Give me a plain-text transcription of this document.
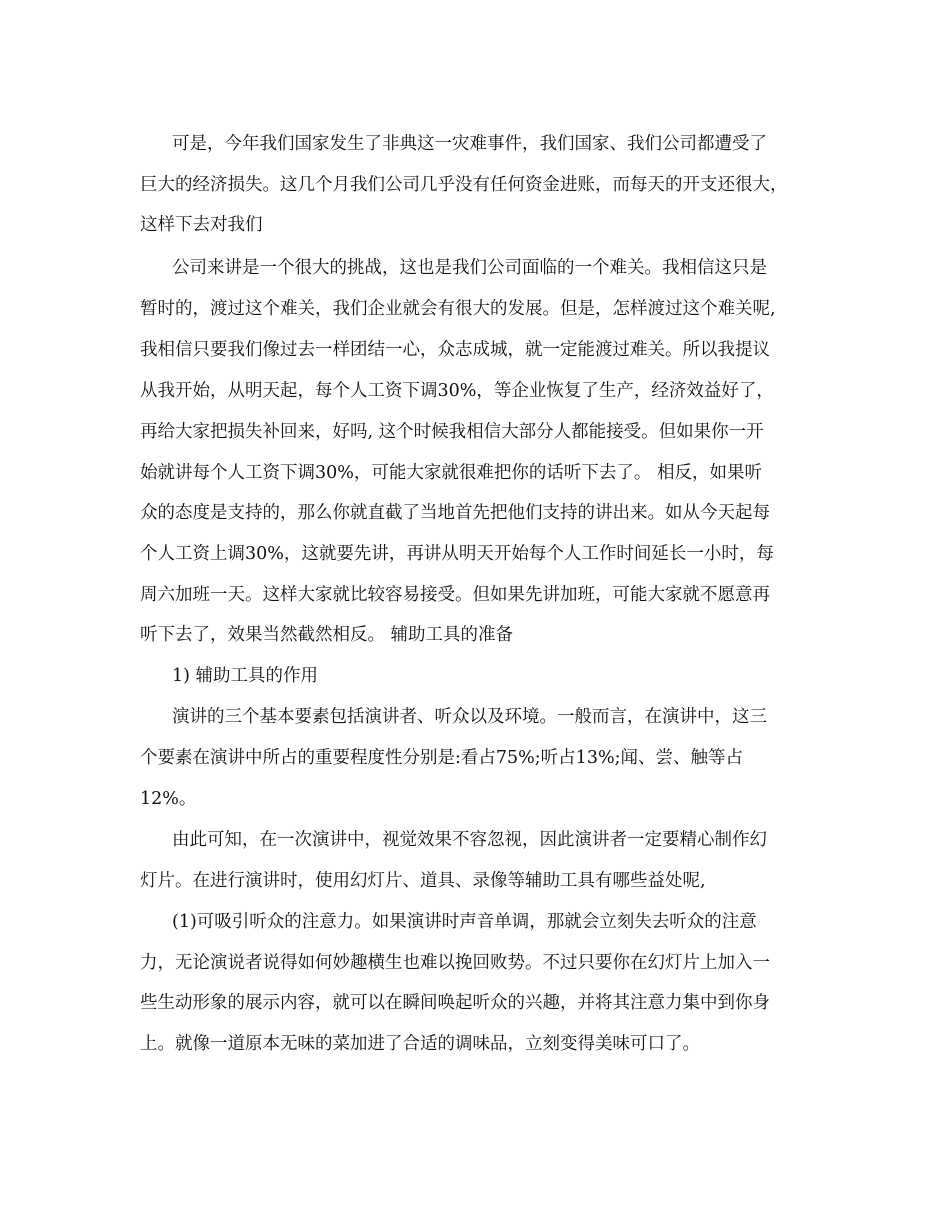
可是，今年我们国家发生了非典这一灾难事件，我们国家、我们公司都遭受了
巨大的经济损失。这几个月我们公司几乎没有任何资金进账，而每天的开支还很大，
这样下去对我们
公司来讲是一个很大的挑战，这也是我们公司面临的一个难关。我相信这只是
暂时的，渡过这个难关，我们企业就会有很大的发展。但是，怎样渡过这个难关呢,
我相信只要我们像过去一样团结一心，众志成城，就一定能渡过难关。所以我提议
从我开始，从明天起，每个人工资下调30%，等企业恢复了生产，经济效益好了，
再给大家把损失补回来，好吗, 这个时候我相信大部分人都能接受。但如果你一开
始就讲每个人工资下调30%，可能大家就很难把你的话听下去了。 相反，如果听
众的态度是支持的，那么你就直截了当地首先把他们支持的讲出来。如从今天起每
个人工资上调30%，这就要先讲，再讲从明天开始每个人工作时间延长一小时，每
周六加班一天。这样大家就比较容易接受。但如果先讲加班，可能大家就不愿意再
听下去了，效果当然截然相反。 辅助工具的准备
1) 辅助工具的作用
演讲的三个基本要素包括演讲者、听众以及环境。一般而言，在演讲中，这三
个要素在演讲中所占的重要程度性分别是:看占75%;听占13%;闻、尝、触等占
12%。
由此可知，在一次演讲中，视觉效果不容忽视，因此演讲者一定要精心制作幻
灯片。在进行演讲时，使用幻灯片、道具、录像等辅助工具有哪些益处呢,
(1)可吸引听众的注意力。如果演讲时声音单调，那就会立刻失去听众的注意
力，无论演说者说得如何妙趣横生也难以挽回败势。不过只要你在幻灯片上加入一
些生动形象的展示内容，就可以在瞬间唤起听众的兴趣，并将其注意力集中到你身
上。就像一道原本无味的菜加进了合适的调味品，立刻变得美味可口了。
